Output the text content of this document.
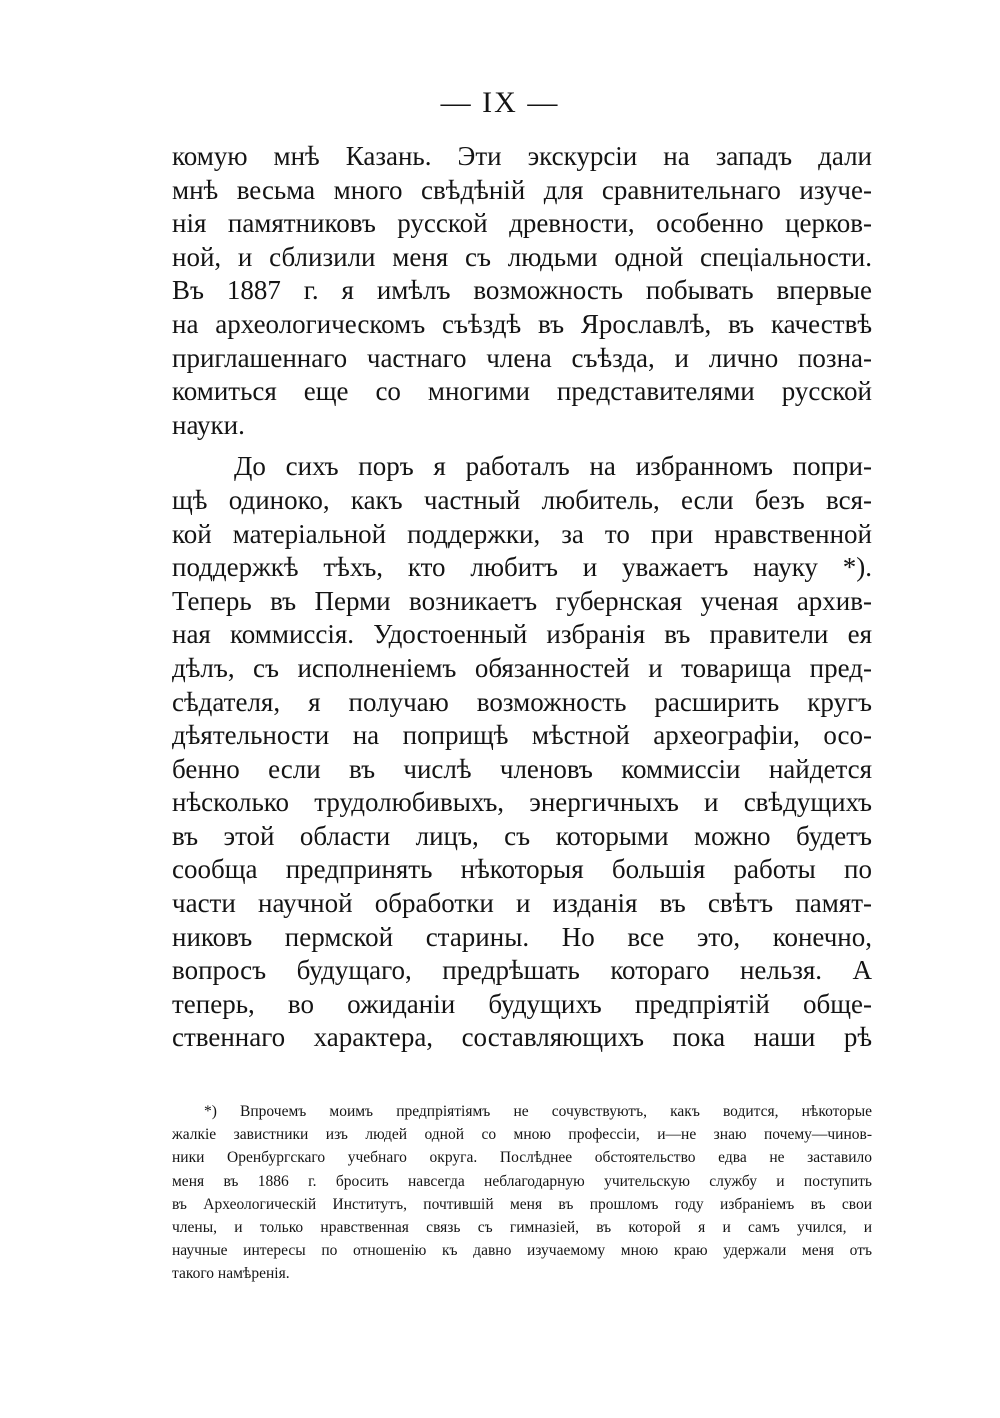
— IX —
комую мнѣ Казань. Эти экскурсіи на западъ дали
мнѣ весьма много свѣдѣній для сравнительнаго изуче-
нія памятниковъ русской древности, особенно церков-
ной, и сблизили меня съ людьми одной спеціальности.
Въ 1887 г. я имѣлъ возможность побывать впервые
на археологическомъ съѣздѣ въ Ярославлѣ, въ качествѣ
приглашеннаго частнаго члена съѣзда, и лично позна-
комиться еще со многими представителями русской
науки.
До сихъ поръ я работалъ на избранномъ попри-
щѣ одиноко, какъ частный любитель, если безъ вся-
кой матеріальной поддержки, за то при нравственной
поддержкѣ тѣхъ, кто любитъ и уважаетъ науку *).
Теперь въ Перми возникаетъ губернская ученая архив-
ная коммиссія. Удостоенный избранія въ правители ея
дѣлъ, съ исполненіемъ обязанностей и товарища пред-
сѣдателя, я получаю возможность расширить кругъ
дѣятельности на поприщѣ мѣстной археографіи, осо-
бенно если въ числѣ членовъ коммиссіи найдется
нѣсколько трудолюбивыхъ, энергичныхъ и свѣдущихъ
въ этой области лицъ, съ которыми можно будетъ
сообща предпринять нѣкоторыя большія работы по
части научной обработки и изданія въ свѣтъ памят-
никовъ пермской старины. Но все это, конечно,
вопросъ будущаго, предрѣшать котораго нельзя. А
теперь, во ожиданіи будущихъ предпріятій обще-
ственнаго характера, составляющихъ пока наши рѣ
*) Впрочемъ моимъ предпріятіямъ не сочувствуютъ, какъ водится, нѣкоторые
жалкіе завистники изъ людей одной со мною профессіи, и—не знаю почему—чинов-
ники Оренбургскаго учебнаго округа. Послѣднее обстоятельство едва не заставило
меня въ 1886 г. бросить навсегда неблагодарную учительскую службу и поступить
въ Археологическій Институтъ, почтившій меня въ прошломъ году избраніемъ въ свои
члены, и только нравственная связь съ гимназіей, въ которой я и самъ учился, и
научные интересы по отношенію къ давно изучаемому мною краю удержали меня отъ
такого намѣренія.
